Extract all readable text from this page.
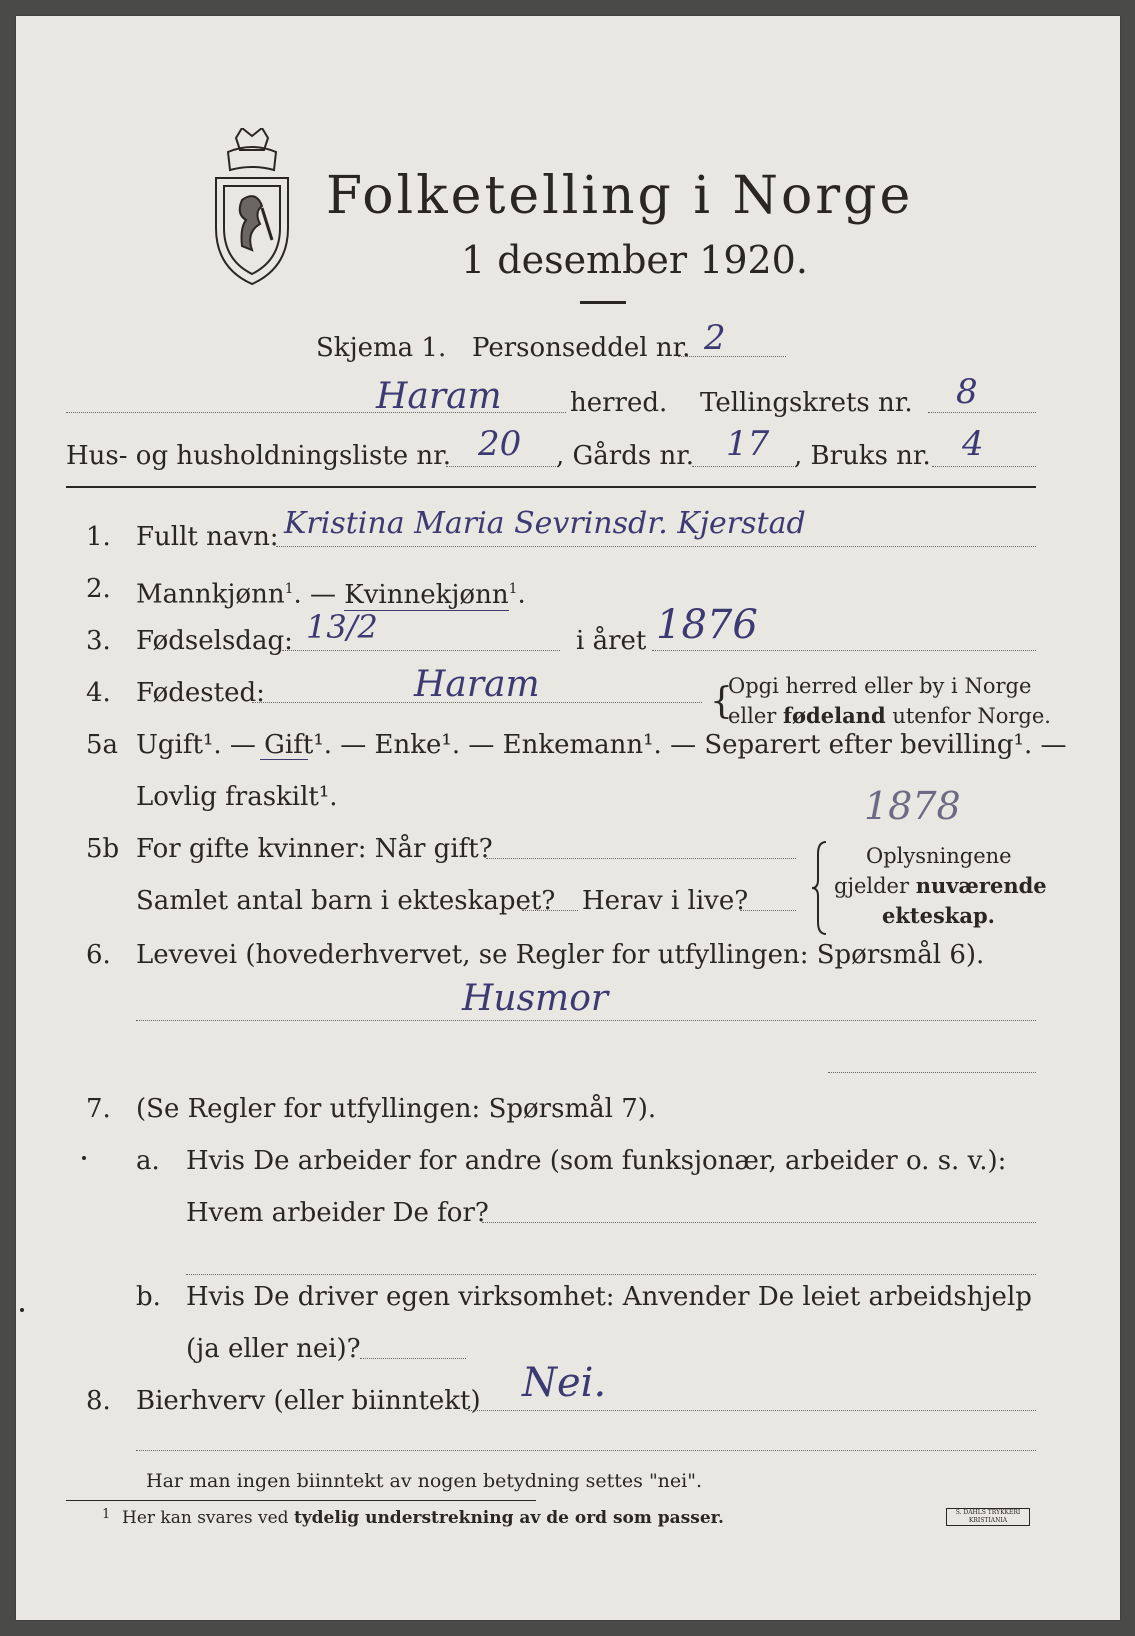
Folketelling i Norge
1 desember 1920.
Skjema 1. Personseddel nr. 2
Haram	herred. Tellingskrets nr. 8
Hus- og husholdningsliste nr. 20 , Gårds nr. 17 , Bruks nr. 4
1. Fullt navn: Kristina Maria Sevrinsdr. Kjerstad
2. Mannkjønn$^1$. — Kvinnekjønn$^1$.
3. Fødselsdag: 13/2	i året 1876
4. Fødested:	Haram	{
Opgi herred eller by i Norge
eller fødeland utenfor Norge.
5a Ugift¹. — Gift¹. — Enke¹. — Enkemann¹. — Separert efter bevilling¹. —
Lovlig fraskilt¹.	1878
5b For gifte kvinner: Når gift?
Samlet antal barn i ekteskapet? Herav i live?
Oplysningene
gjelder nuværende
ekteskap.
6. Levevei (hovederhvervet, se Regler for utfyllingen: Spørsmål 6).
Husmor
7. (Se Regler for utfyllingen: Spørsmål 7).
a. Hvis De arbeider for andre (som funksjonær, arbeider o. s. v.):
Hvem arbeider De for?
b. Hvis De driver egen virksomhet: Anvender De leiet arbeidshjelp
(ja eller nei)?
8. Bierhverv (eller biinntekt) Nei.
Har man ingen biinntekt av nogen betydning settes "nei".
1 Her kan svares ved tydelig understrekning av de ord som passer.	S. DAHLS TRYKKERI KRISTIANIA
